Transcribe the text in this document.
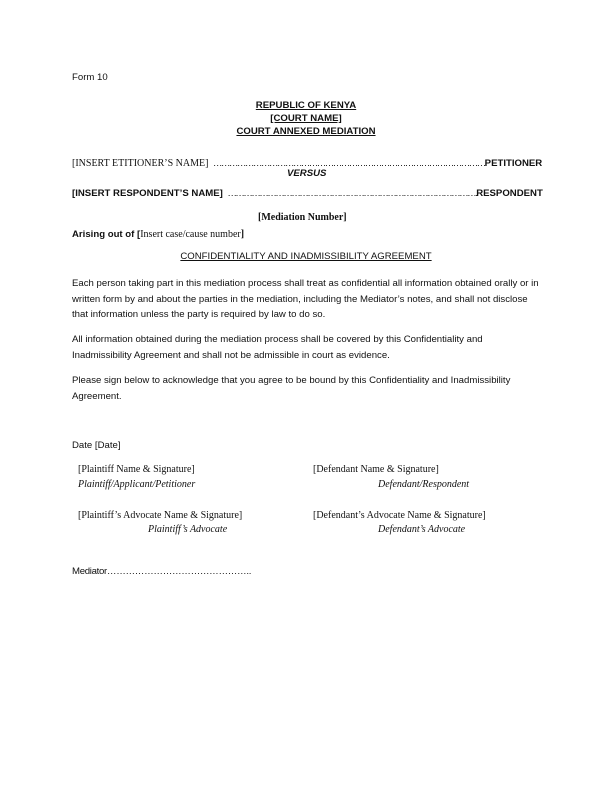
Form 10
REPUBLIC OF KENYA
[COURT NAME]
COURT ANNEXED MEDIATION
[INSERT ETITIONER’S NAME] …………………………………………………………………………………………PETITIONER
VERSUS
[INSERT RESPONDENT’S NAME] ………………………………………………………………………………….RESPONDENT
[Mediation Number]
Arising out of [Insert case/cause number]
CONFIDENTIALITY AND INADMISSIBILITY AGREEMENT
Each person taking part in this mediation process shall treat as confidential all information obtained orally or in written form by and about the parties in the mediation, including the Mediator’s notes, and shall not disclose that information unless the party is required by law to do so.
All information obtained during the mediation process shall be covered by this Confidentiality and Inadmissibility Agreement and shall not be admissible in court as evidence.
Please sign below to acknowledge that you agree to be bound by this Confidentiality and Inadmissibility Agreement.
Date [Date]
[Plaintiff Name & Signature]
Plaintiff/Applicant/Petitioner
[Defendant Name & Signature]
Defendant/Respondent
[Plaintiff’s Advocate Name & Signature]
Plaintiff’s Advocate
[Defendant’s Advocate Name & Signature]
Defendant’s Advocate
Mediator………………………………………..
